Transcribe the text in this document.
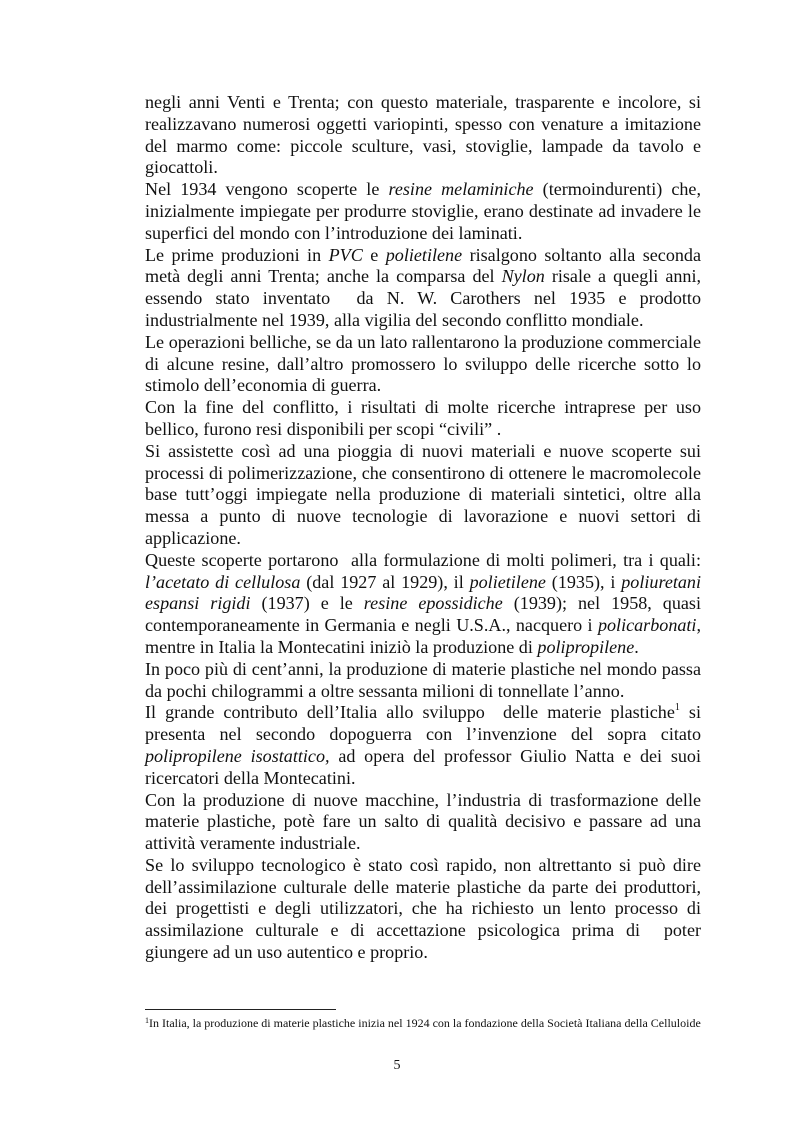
negli anni Venti e Trenta; con questo materiale, trasparente e incolore, si realizzavano numerosi oggetti variopinti, spesso con venature a imitazione del marmo come: piccole sculture, vasi, stoviglie, lampade da tavolo e giocattoli.

Nel 1934 vengono scoperte le resine melaminiche (termoindurenti) che, inizialmente impiegate per produrre stoviglie, erano destinate ad invadere le superfici del mondo con l’introduzione dei laminati.

Le prime produzioni in PVC e polietilene risalgono soltanto alla seconda metà degli anni Trenta; anche la comparsa del Nylon risale a quegli anni, essendo stato inventato  da N. W. Carothers nel 1935 e prodotto industrialmente nel 1939, alla vigilia del secondo conflitto mondiale.

Le operazioni belliche, se da un lato rallentarono la produzione commerciale di alcune resine, dall’altro promossero lo sviluppo delle ricerche sotto lo stimolo dell’economia di guerra.

Con la fine del conflitto, i risultati di molte ricerche intraprese per uso bellico, furono resi disponibili per scopi “civili” .

Si assistette così ad una pioggia di nuovi materiali e nuove scoperte sui processi di polimerizzazione, che consentirono di ottenere le macromolecole base tutt’oggi impiegate nella produzione di materiali sintetici, oltre alla messa a punto di nuove tecnologie di lavorazione e nuovi settori di applicazione.

Queste scoperte portarono  alla formulazione di molti polimeri, tra i quali: l’acetato di cellulosa (dal 1927 al 1929), il polietilene (1935), i poliuretani espansi rigidi (1937) e le resine epossidiche (1939); nel 1958, quasi contemporaneamente in Germania e negli U.S.A., nacquero i policarbonati, mentre in Italia la Montecatini iniziò la produzione di polipropilene.

In poco più di cent’anni, la produzione di materie plastiche nel mondo passa da pochi chilogrammi a oltre sessanta milioni di tonnellate l’anno.

Il grande contributo dell’Italia allo sviluppo  delle materie plastiche$^1$ si presenta nel secondo dopoguerra con l’invenzione del sopra citato polipropilene isostattico, ad opera del professor Giulio Natta e dei suoi ricercatori della Montecatini.

Con la produzione di nuove macchine, l’industria di trasformazione delle materie plastiche, potè fare un salto di qualità decisivo e passare ad una attività veramente industriale.

Se lo sviluppo tecnologico è stato così rapido, non altrettanto si può dire dell’assimilazione culturale delle materie plastiche da parte dei produttori, dei progettisti e degli utilizzatori, che ha richiesto un lento processo di assimilazione culturale e di accettazione psicologica prima di  poter giungere ad un uso autentico e proprio.

$^1$In Italia, la produzione di materie plastiche inizia nel 1924 con la fondazione della Società Italiana della Celluloide
5
